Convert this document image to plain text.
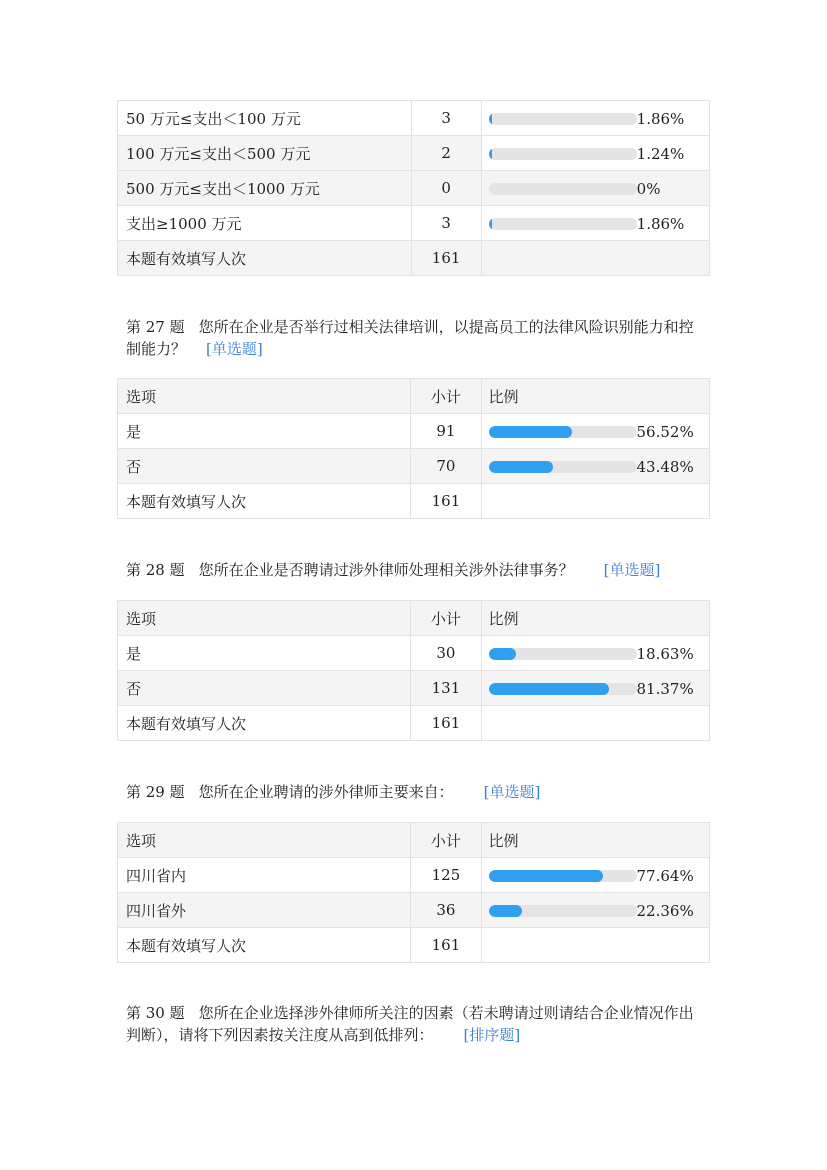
50 万元≤支出＜100 万元	3	1.86%
100 万元≤支出＜500 万元	2	1.24%
500 万元≤支出＜1000 万元	0	0%
支出≥1000 万元	3	1.86%
本题有效填写人次	161	
第 27 题 您所在企业是否举行过相关法律培训，以提高员工的法律风险识别能力和控制能力？ [单选题]
选项	小计	比例
是	91	56.52%
否	70	43.48%
本题有效填写人次	161	
第 28 题 您所在企业是否聘请过涉外律师处理相关涉外法律事务？ [单选题]
选项	小计	比例
是	30	18.63%
否	131	81.37%
本题有效填写人次	161	
第 29 题 您所在企业聘请的涉外律师主要来自： [单选题]
选项	小计	比例
四川省内	125	77.64%
四川省外	36	22.36%
本题有效填写人次	161	
第 30 题 您所在企业选择涉外律师所关注的因素（若未聘请过则请结合企业情况作出判断），请将下列因素按关注度从高到低排列： [排序题]
